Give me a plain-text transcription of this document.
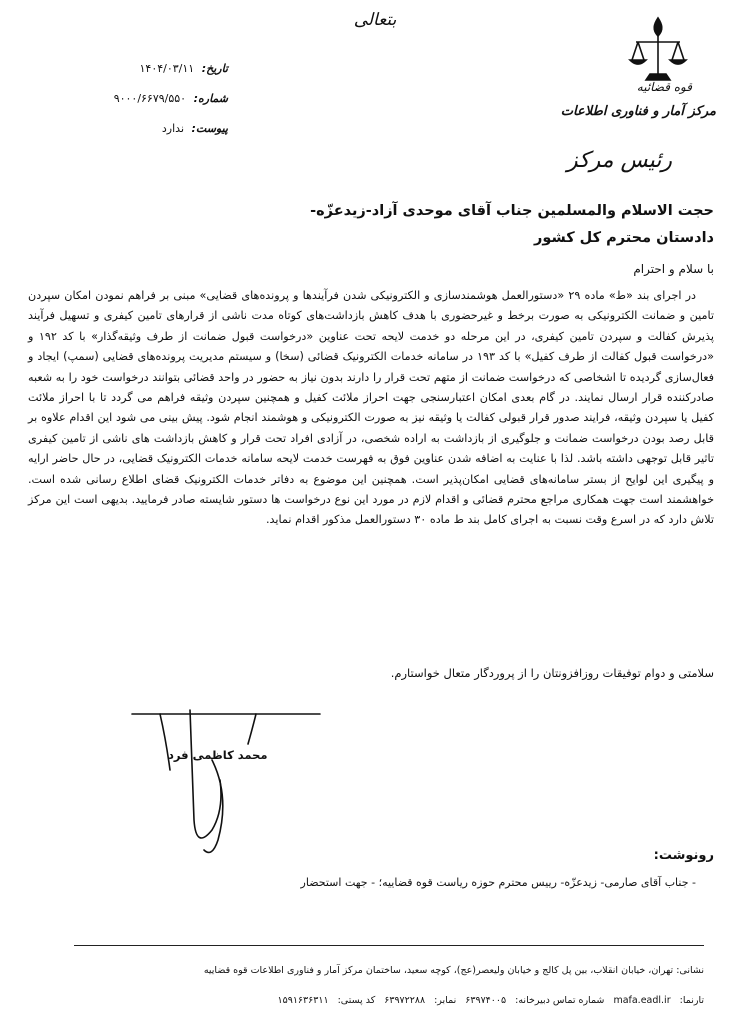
بتعالی
قوه قضائیه
مرکز آمار و فناوری اطلاعات
رئیس مرکز
تاریخ: ۱۴۰۴/۰۳/۱۱
شماره: ۹۰۰۰/۶۶۷۹/۵۵۰
پیوست: ندارد
حجت الاسلام والمسلمین جناب آقای موحدی آزاد-زیدعزّه-
دادستان محترم کل کشور
با سلام و احترام

در اجرای بند «ط» ماده ۲۹ «دستورالعمل هوشمندسازی و الکترونیکی شدن فرآیندها و پرونده‌های قضایی» مبنی بر فراهم نمودن امکان سپردن تامین و ضمانت الکترونیکی به صورت برخط و غیرحضوری با هدف کاهش بازداشت‌های کوتاه مدت ناشی از قرارهای تامین کیفری و تسهیل فرآیند پذیرش کفالت و سپردن تامین کیفری، در این مرحله دو خدمت لایحه تحت عناوین «درخواست قبول ضمانت از طرف وثیقه‌گذار» با کد ۱۹۲ و «درخواست قبول کفالت از طرف کفیل» با کد ۱۹۳ در سامانه خدمات الکترونیک قضائی (سخا) و سیستم مدیریت پرونده‌های قضایی (سمپ) ایجاد و فعال‌سازی گردیده تا اشخاصی که درخواست ضمانت از متهم تحت قرار را دارند بدون نیاز به حضور در واحد قضائی بتوانند درخواست خود را به شعبه صادرکننده قرار ارسال نمایند. در گام بعدی امکان اعتبارسنجی جهت احراز ملائت کفیل و همچنین سپردن وثیقه فراهم می گردد تا با احراز ملائت کفیل یا سپردن وثیقه، فرایند صدور قرار قبولی کفالت یا وثیقه نیز به صورت الکترونیکی و هوشمند انجام شود. پیش بینی می شود این اقدام علاوه بر قابل رصد بودن درخواست ضمانت و جلوگیری از بازداشت به اراده شخصی، در آزادی افراد تحت قرار و کاهش بازداشت های ناشی از تامین کیفری تاثیر قابل توجهی داشته باشد. لذا با عنایت به اضافه شدن عناوین فوق به فهرست خدمت لایحه سامانه خدمات الکترونیک قضایی، در حال حاضر ارایه و پیگیری این لوایح از بستر سامانه‌های قضایی امکان‌پذیر است. همچنین این موضوع به دفاتر خدمات الکترونیک قضای اطلاع رسانی شده است. خواهشمند است جهت همکاری مراجع محترم قضائی و اقدام لازم در مورد این نوع درخواست ها دستور شایسته صادر فرمایید. بدیهی است این مرکز تلاش دارد که در اسرع وقت نسبت به اجرای کامل بند ط ماده ۳۰ دستورالعمل مذکور اقدام نماید.

سلامتی و دوام توفیقات روزافزونتان را از پروردگار متعال خواستارم.
محمد کاظمی فرد
رونوشت:
- جناب آقای صارمی- زیدعزّه- رییس محترم حوزه ریاست قوه قضاییه؛ - جهت استحضار
نشانی: تهران، خیابان انقلاب، بین پل کالج و خیابان ولیعصر(عج)، کوچه سعید، ساختمان مرکز آمار و فناوری اطلاعات قوه قضاییه
تارنما: mafa.eadl.ir شماره تماس دبیرخانه: ۶۳۹۷۴۰۰۵ نمابر: ۶۳۹۷۲۲۸۸ کد پستی: ۱۵۹۱۶۳۶۳۱۱
